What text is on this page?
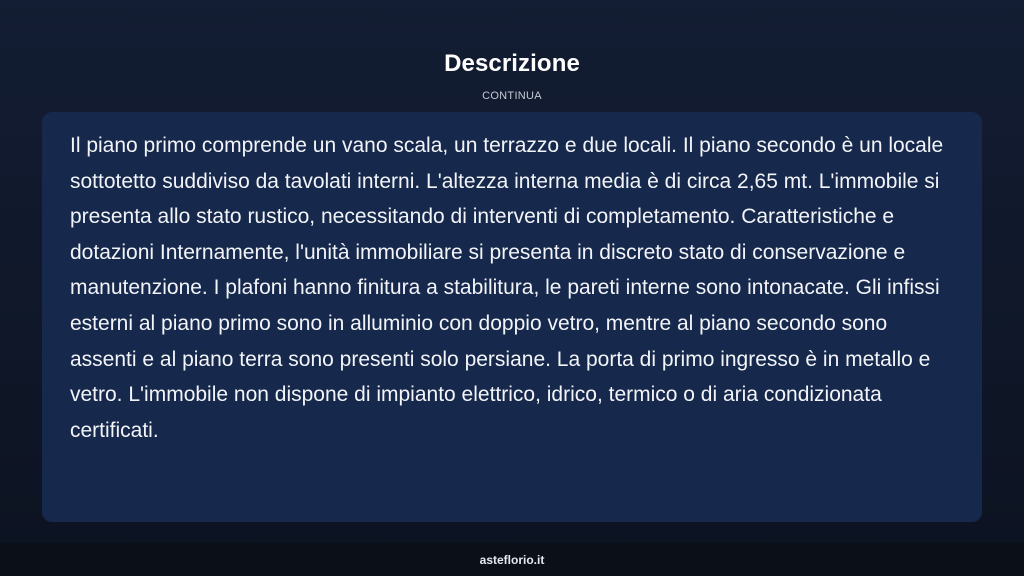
Descrizione
CONTINUA

Il piano primo comprende un vano scala, un terrazzo e due locali. Il piano secondo è un locale sottotetto suddiviso da tavolati interni. L'altezza interna media è di circa 2,65 mt. L'immobile si presenta allo stato rustico, necessitando di interventi di completamento. Caratteristiche e dotazioni Internamente, l'unità immobiliare si presenta in discreto stato di conservazione e manutenzione. I plafoni hanno finitura a stabilitura, le pareti interne sono intonacate. Gli infissi esterni al piano primo sono in alluminio con doppio vetro, mentre al piano secondo sono assenti e al piano terra sono presenti solo persiane. La porta di primo ingresso è in metallo e vetro. L'immobile non dispone di impianto elettrico, idrico, termico o di aria condizionata certificati.

asteflorio.it
